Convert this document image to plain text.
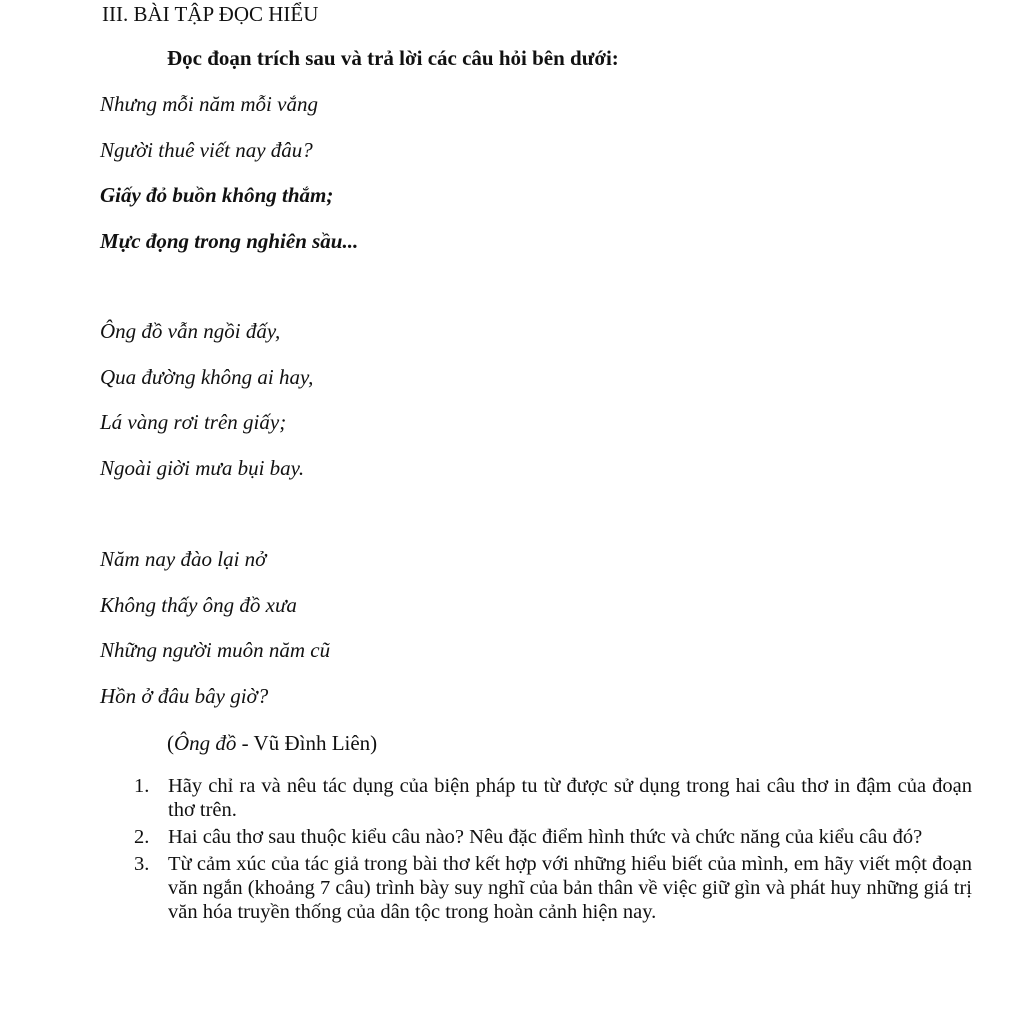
III. BÀI TẬP ĐỌC HIỂU
Đọc đoạn trích sau và trả lời các câu hỏi bên dưới:
Nhưng mỗi năm mỗi vắng
Người thuê viết nay đâu?
Giấy đỏ buồn không thắm;
Mực đọng trong nghiên sầu...
Ông đồ vẫn ngồi đấy,
Qua đường không ai hay,
Lá vàng rơi trên giấy;
Ngoài giời mưa bụi bay.
Năm nay đào lại nở
Không thấy ông đồ xưa
Những người muôn năm cũ
Hồn ở đâu bây giờ?
(Ông đồ - Vũ Đình Liên)
1. Hãy chỉ ra và nêu tác dụng của biện pháp tu từ được sử dụng trong hai câu thơ in đậm của đoạn thơ trên.
2. Hai câu thơ sau thuộc kiểu câu nào? Nêu đặc điểm hình thức và chức năng của kiểu câu đó?
3. Từ cảm xúc của tác giả trong bài thơ kết hợp với những hiểu biết của mình, em hãy viết một đoạn văn ngắn (khoảng 7 câu) trình bày suy nghĩ của bản thân về việc giữ gìn và phát huy những giá trị văn hóa truyền thống của dân tộc trong hoàn cảnh hiện nay.
